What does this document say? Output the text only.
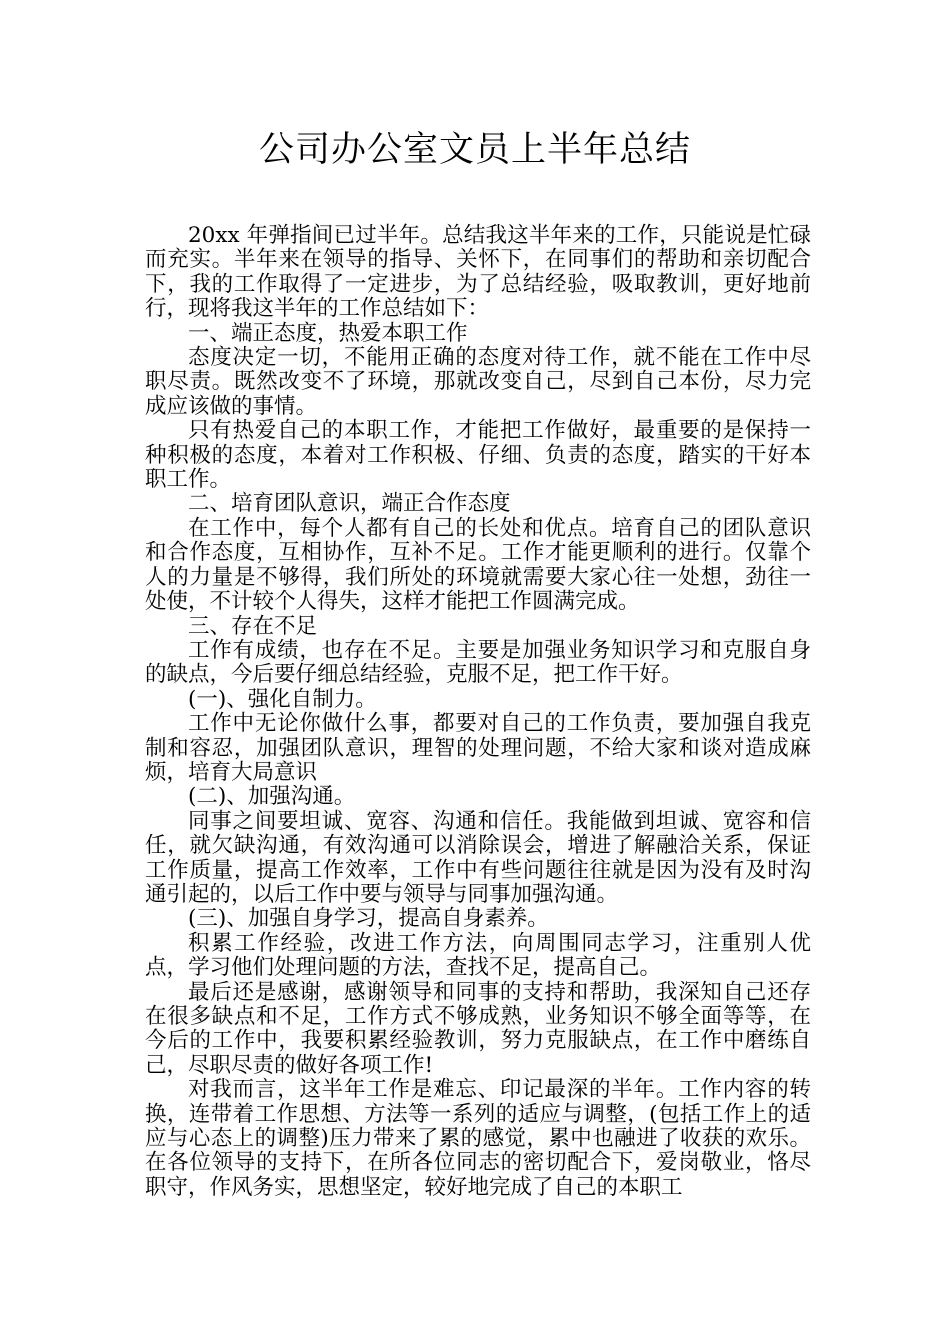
公司办公室文员上半年总结

20xx 年弹指间已过半年。总结我这半年来的工作，只能说是忙碌而充实。半年来在领导的指导、关怀下，在同事们的帮助和亲切配合下，我的工作取得了一定进步，为了总结经验，吸取教训，更好地前行，现将我这半年的工作总结如下：

一、端正态度，热爱本职工作

态度决定一切，不能用正确的态度对待工作，就不能在工作中尽职尽责。既然改变不了环境，那就改变自己，尽到自己本份，尽力完成应该做的事情。

只有热爱自己的本职工作，才能把工作做好，最重要的是保持一种积极的态度，本着对工作积极、仔细、负责的态度，踏实的干好本职工作。

二、培育团队意识，端正合作态度

在工作中，每个人都有自己的长处和优点。培育自己的团队意识和合作态度，互相协作，互补不足。工作才能更顺利的进行。仅靠个人的力量是不够得，我们所处的环境就需要大家心往一处想，劲往一处使，不计较个人得失，这样才能把工作圆满完成。

三、存在不足

工作有成绩，也存在不足。主要是加强业务知识学习和克服自身的缺点，今后要仔细总结经验，克服不足，把工作干好。

(一)、强化自制力。

工作中无论你做什么事，都要对自己的工作负责，要加强自我克制和容忍，加强团队意识，理智的处理问题，不给大家和谈对造成麻烦，培育大局意识

(二)、加强沟通。

同事之间要坦诚、宽容、沟通和信任。我能做到坦诚、宽容和信任，就欠缺沟通，有效沟通可以消除误会，增进了解融洽关系，保证工作质量，提高工作效率，工作中有些问题往往就是因为没有及时沟通引起的，以后工作中要与领导与同事加强沟通。

(三)、加强自身学习，提高自身素养。

积累工作经验，改进工作方法，向周围同志学习，注重别人优点，学习他们处理问题的方法，查找不足，提高自己。

最后还是感谢，感谢领导和同事的支持和帮助，我深知自己还存在很多缺点和不足，工作方式不够成熟，业务知识不够全面等等，在今后的工作中，我要积累经验教训，努力克服缺点，在工作中磨练自己，尽职尽责的做好各项工作!

对我而言，这半年工作是难忘、印记最深的半年。工作内容的转换，连带着工作思想、方法等一系列的适应与调整，(包括工作上的适应与心态上的调整)压力带来了累的感觉，累中也融进了收获的欢乐。在各位领导的支持下，在所各位同志的密切配合下，爱岗敬业，恪尽职守，作风务实，思想坚定，较好地完成了自己的本职工
